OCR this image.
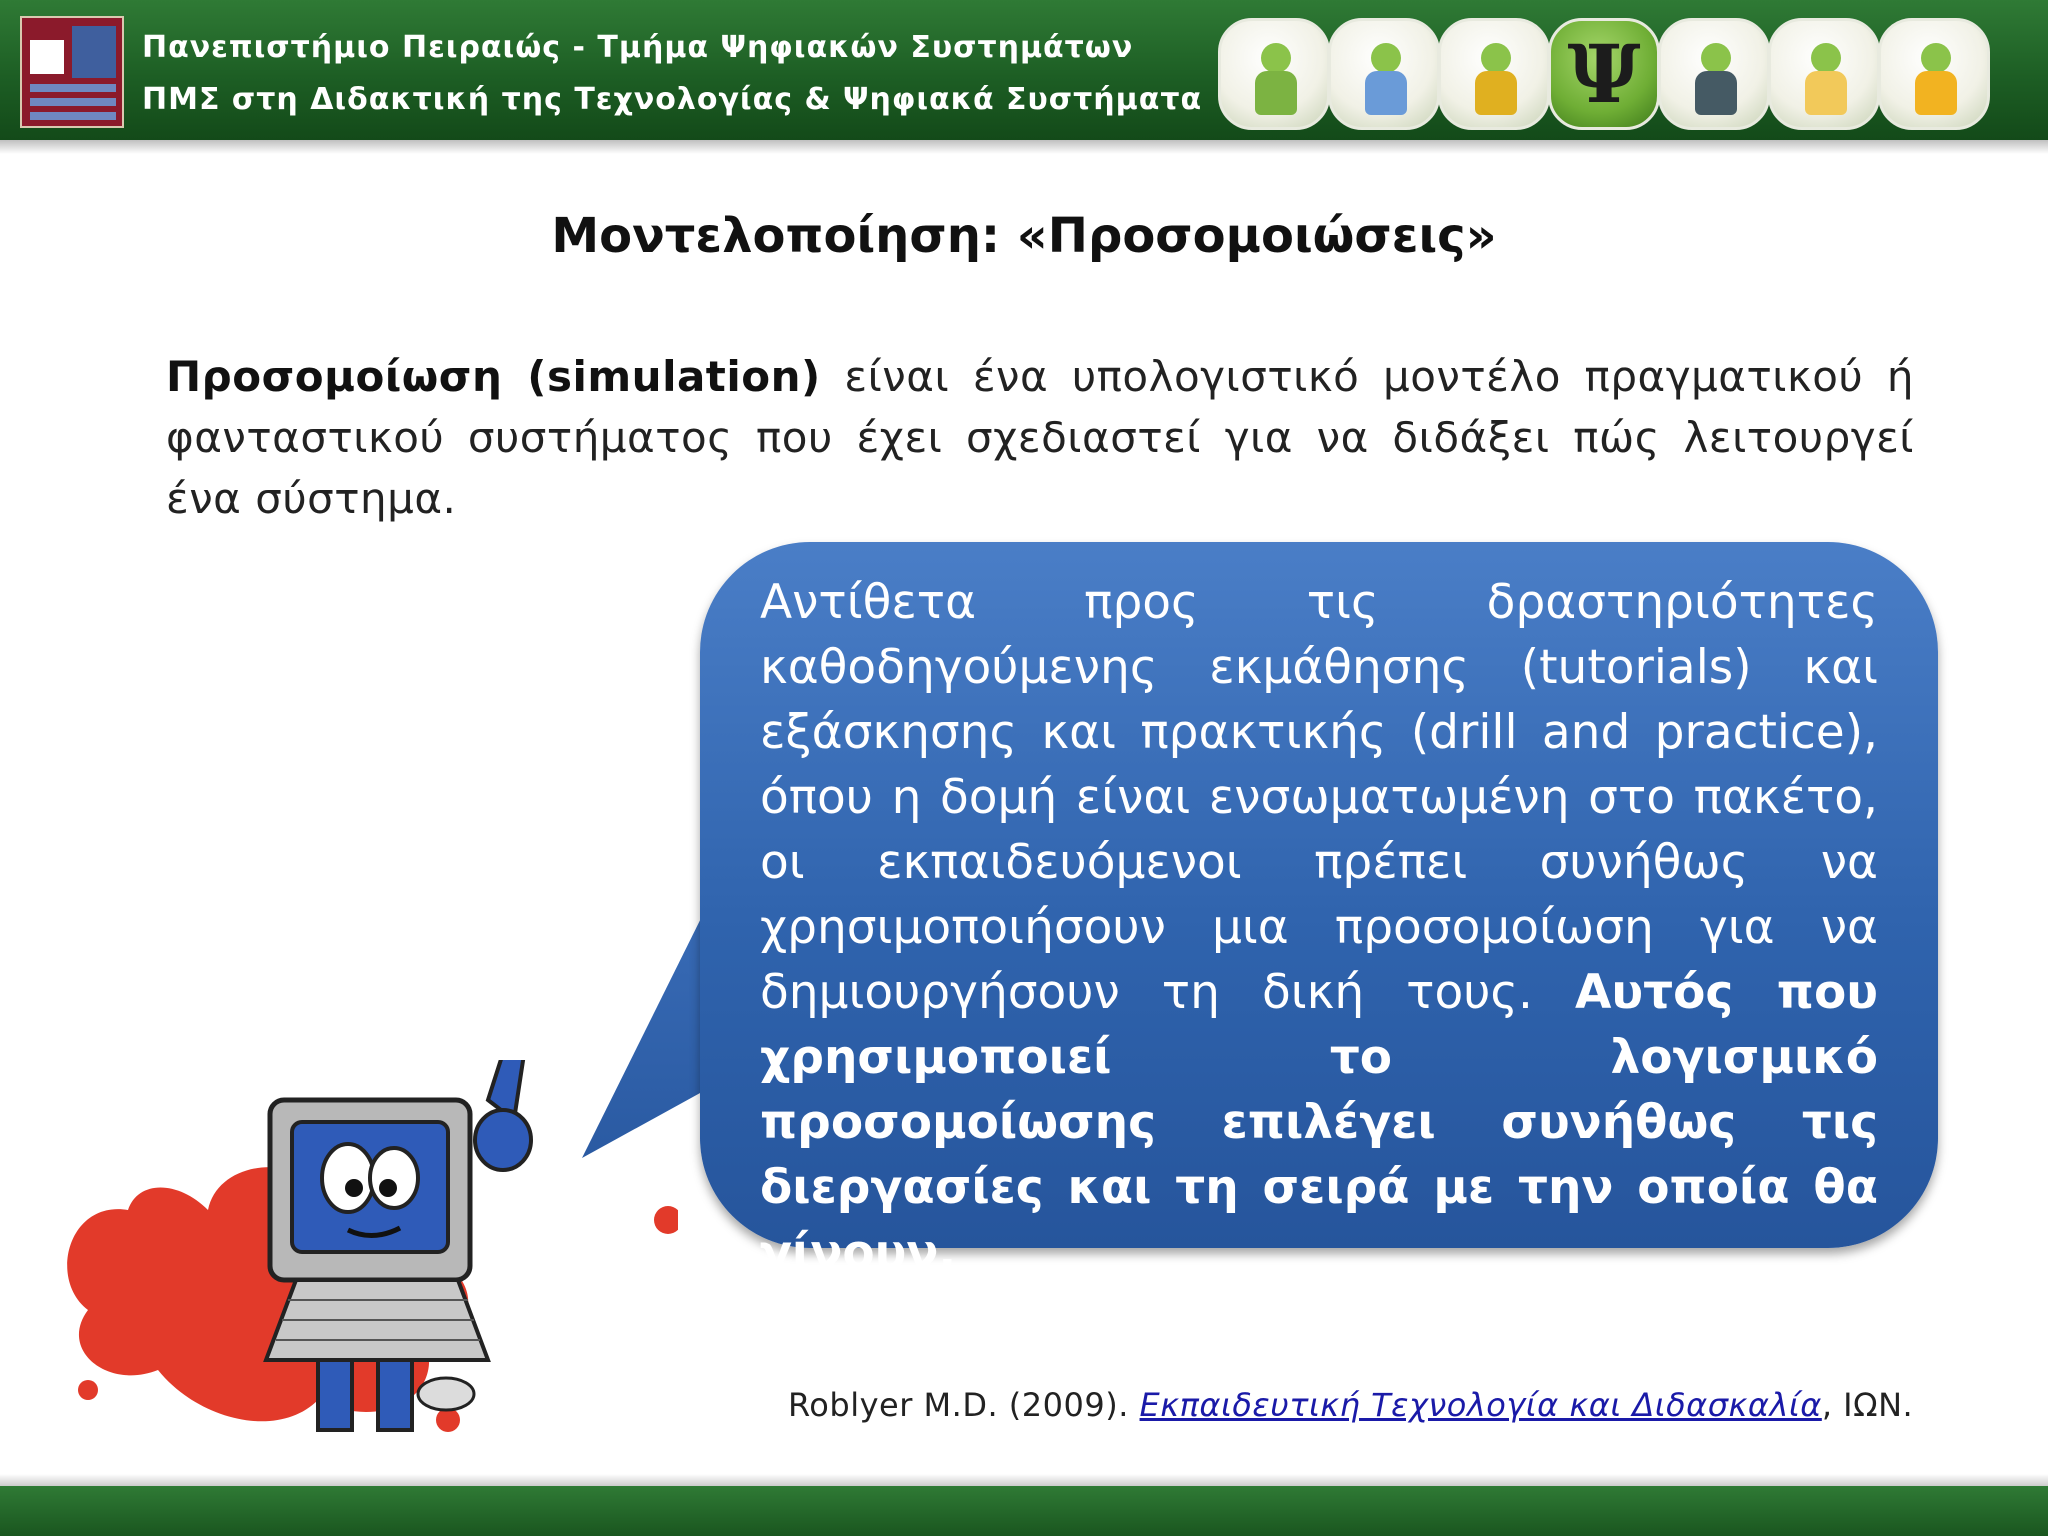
Πανεπιστήμιο Πειραιώς - Τμήμα Ψηφιακών Συστημάτων
ΠΜΣ στη Διδακτική της Τεχνολογίας & Ψηφιακά Συστήματα	Ψ
Μοντελοποίηση: «Προσομοιώσεις»
Προσομοίωση (simulation) είναι ένα υπολογιστικό μοντέλο πραγματικού ή φανταστικού συστήματος που έχει σχεδιαστεί για να διδάξει πώς λειτουργεί ένα σύστημα.

Αντίθετα προς τις δραστηριότητες καθοδηγούμενης εκμάθησης (tutorials) και εξάσκησης και πρακτικής (drill and practice), όπου η δομή είναι ενσωματωμένη στο πακέτο, οι εκπαιδευόμενοι πρέπει συνήθως να χρησιμοποιήσουν μια προσομοίωση για να δημιουργήσουν τη δική τους. Αυτός που χρησιμοποιεί το λογισμικό προσομοίωσης επιλέγει συνήθως τις διεργασίες και τη σειρά με την οποία θα γίνουν.

Roblyer M.D. (2009). Εκπαιδευτική Τεχνολογία και Διδασκαλία, ΙΩΝ.
